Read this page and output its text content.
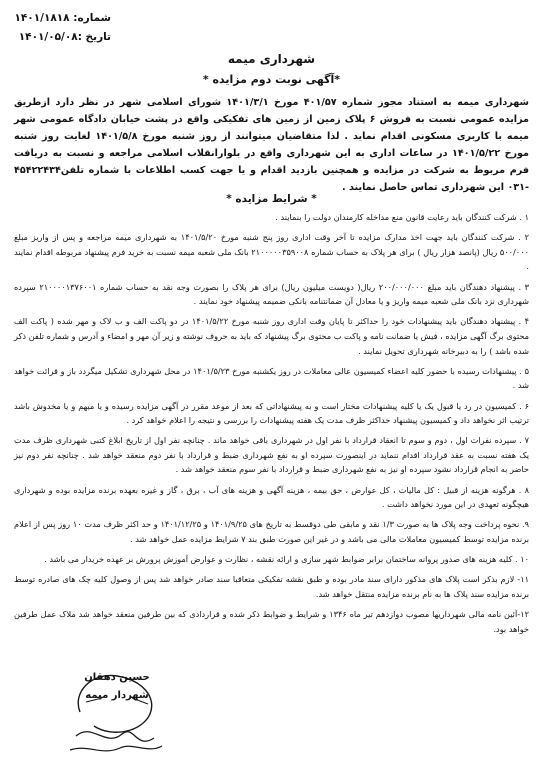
شماره: ۱۴۰۱/۱۸۱۸
تاریخ :۱۴۰۱/۰۵/۰۸
شهرداری میمه
*آگهی نوبت دوم مزایده *
شهرداری میمه به استناد مجوز شماره ۴۰۱/۵۷ مورخ ۱۴۰۱/۳/۱ شورای اسلامی شهر در نظر دارد ازطریق مزایده عمومی نسبت به فروش ۶ پلاک زمین از زمین های تفکیکی واقع در پشت خیابان دادگاه عمومی شهر میمه با کاربری مسکونی اقدام نماید . لذا متقاضیان میتوانند از روز شنبه مورخ ۱۴۰۱/۵/۸ لغایت روز شنبه مورخ ۱۴۰۱/۵/۲۲ در ساعات اداری به این شهرداری واقع در بلوارانقلاب اسلامی مراجعه و نسبت به دریافت فرم مربوط به شرکت در مزایده و همچنین بازدید اقدام و یا جهت کسب اطلاعات با شماره تلفن۴۵۴۲۲۴۳۴ -۰۳۱ این شهرداری تماس حاصل نمایند .
* شرایط مزایده *
۱ . شرکت کنندگان باید رعایت قانون منع مداخله کارمندان دولت را بنمایند .
۲ . شرکت کنندگان باید جهت اخذ مدارک مزایده تا آخر وقت اداری روز پنج شنبه مورخ ۱۴۰۱/۵/۲۰ به شهرداری میمه مراجعه و پس از واریز مبلغ ۵۰۰/۰۰۰ ریال (پانصد هزار ریال ) برای هر پلاک به حساب شماره ۲۱۰۰۰۰۰۳۵۹۰۰۸ بانک ملی شعبه میمه نسبت به خرید فرم پیشنهاد مربوطه اقدام نمایند .
۳ . پیشنهاد دهندگان باید مبلغ ۲۰۰/۰۰۰/۰۰۰ ریال( دویست میلیون ریال) برای هر پلاک را بصورت وجه نقد به حساب شماره ۲۱۰۰۰۰۱۳۷۶۰۰۱ سپرده شهرداری نزد بانک ملی شعبه میمه واریز و یا معادل آن ضمانتنامه بانکی ضمیمه پیشنهاد خود نمایند .
۴ . پیشنهاد دهندگان باید پیشنهادات خود را حداکثر تا پایان وقت اداری روز شنبه مورخ ۱۴۰۱/۵/۲۲ در دو پاکت الف و ب لاک و مهر شده ( پاکت الف محتوی برگ آگهی مزایده ، فیش یا ضمانت نامه و پاکت ب محتوی برگ پیشنهاد که باید به حروف نوشته و زیر آن مهر و امضاء و آدرس و شماره تلفن ذکر شده باشد ) را به دبیرخانه شهرداری تحویل نمایند .
۵ . پیشنهادات رسیده با حضور کلیه اعضاء کمیسیون عالی معاملات در روز یکشنبه مورخ ۱۴۰۱/۵/۲۳ در محل شهرداری تشکیل میگردد باز و قرائت خواهد شد .
۶ . کمیسیون در رد یا قبول یک یا کلیه پیشنهادات مختار است و به پیشنهاداتی که بعد از موعد مقرر در آگهی مزایده رسیده و یا مبهم و یا مخدوش باشد ترتیب اثر نخواهد داد و کمیسیون پیشنهاد حداکثر ظرف مدت یک هفته پیشنهادات را بررسی و نتیجه را اعلام خواهد کرد .
۷ . سپرده نفرات اول ، دوم و سوم تا انعقاد قرارداد با نفر اول در شهرداری باقی خواهد ماند . چنانچه نفر اول از تاریخ ابلاغ کتبی شهرداری ظرف مدت یک هفته نسبت به عقد قرارداد اقدام ننماید در اینصورت سپرده او به نفع شهرداری ضبط و قرارداد با نفر دوم منعقد خواهد شد . چنانچه نفر دوم نیز حاضر به انجام قرارداد نشود سپرده او نیز به نفع شهرداری ضبط و قرارداد با نفر سوم منعقد خواهد شد .
۸ . هرگونه هزینه از قبیل : کل مالیات ، کل عوارض ، حق بیمه ، هزینه آگهی و هزینه های آب ، برق ، گاز و غیره بعهده برنده مزایده بوده و شهرداری هیچگونه تعهدی در این مورد نخواهد داشت .
۹. نحوه پرداخت وجه پلاک ها به صورت ۱/۳ نقد و مابقی طی دوقسط به تاریخ های ۱۴۰۱/۹/۲۵ و ۱۴۰۱/۱۲/۲۵ و حد اکثر ظرف مدت ۱۰ روز پس از اعلام برنده مزایده توسط کمیسیون معاملات مالی می باشد و در غیر این صورت طبق بند ۷ شرایط مزایده عمل خواهد شد .
۱۰ . کلیه هزینه های صدور پروانه ساختمان برابر ضوابط شهر سازی و ارائه نقشه ، نظارت و عوارض آموزش پرورش بر عهده خریدار می باشد .
۱۱- لازم بذکر است پلاک های مذکور دارای سند مادر بوده و طبق نقشه تفکیکی متعاقبا سند صادر خواهد شد پس از وصول کلیه چک های صادره توسط برنده مزایده سند پلاک ها به نام برنده مزایده منتقل خواهد شد.
۱۲-آئین نامه مالی شهرداریها مصوب دوازدهم تیر ماه ۱۳۴۶ و شرایط و ضوابط ذکر شده و قراردادی که بین طرفین منعقد خواهد شد ملاک عمل طرفین خواهد بود.
حسین دهقان
شهردار میمه
